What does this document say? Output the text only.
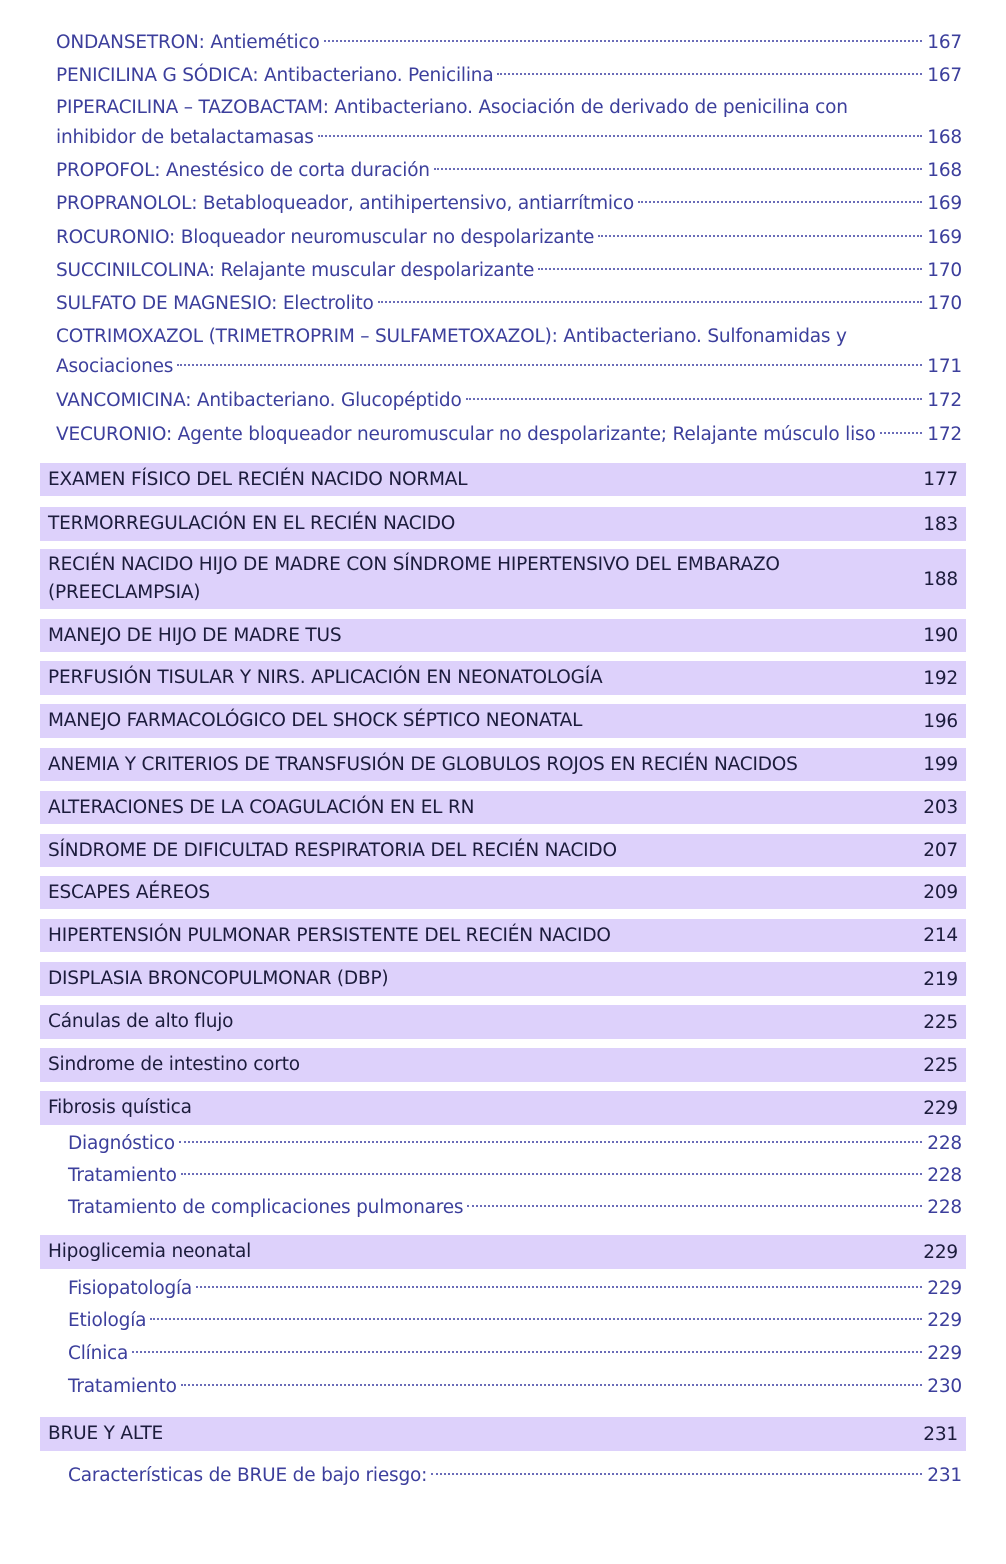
ONDANSETRON: Antiemético	167
PENICILINA G SÓDICA: Antibacteriano. Penicilina	167
PIPERACILINA – TAZOBACTAM: Antibacteriano. Asociación de derivado de penicilina con
inhibidor de betalactamasas	168
PROPOFOL: Anestésico de corta duración	168
PROPRANOLOL: Betabloqueador, antihipertensivo, antiarrítmico	169
ROCURONIO: Bloqueador neuromuscular no despolarizante	169
SUCCINILCOLINA: Relajante muscular despolarizante	170
SULFATO DE MAGNESIO: Electrolito	170
COTRIMOXAZOL (TRIMETROPRIM – SULFAMETOXAZOL): Antibacteriano. Sulfonamidas y
Asociaciones	171
VANCOMICINA: Antibacteriano. Glucopéptido	172
VECURONIO: Agente bloqueador neuromuscular no despolarizante; Relajante músculo liso	172
EXAMEN FÍSICO DEL RECIÉN NACIDO NORMAL	177
TERMORREGULACIÓN EN EL RECIÉN NACIDO	183
RECIÉN NACIDO HIJO DE MADRE CON SÍNDROME HIPERTENSIVO DEL EMBARAZO (PREECLAMPSIA)
188
MANEJO DE HIJO DE MADRE TUS	190
PERFUSIÓN TISULAR Y NIRS. APLICACIÓN EN NEONATOLOGÍA	192
MANEJO FARMACOLÓGICO DEL SHOCK SÉPTICO NEONATAL	196
ANEMIA Y CRITERIOS DE TRANSFUSIÓN DE GLOBULOS ROJOS EN RECIÉN NACIDOS	199
ALTERACIONES DE LA COAGULACIÓN EN EL RN	203
SÍNDROME DE DIFICULTAD RESPIRATORIA DEL RECIÉN NACIDO	207
ESCAPES AÉREOS	209
HIPERTENSIÓN PULMONAR PERSISTENTE DEL RECIÉN NACIDO	214
DISPLASIA BRONCOPULMONAR (DBP)	219
Cánulas de alto flujo	225
Sindrome de intestino corto	225
Fibrosis quística	229
Diagnóstico	228
Tratamiento	228
Tratamiento de complicaciones pulmonares	228
Hipoglicemia neonatal	229
Fisiopatología	229
Etiología	229
Clínica	229
Tratamiento	230
BRUE Y ALTE	231
Características de BRUE de bajo riesgo:	231
